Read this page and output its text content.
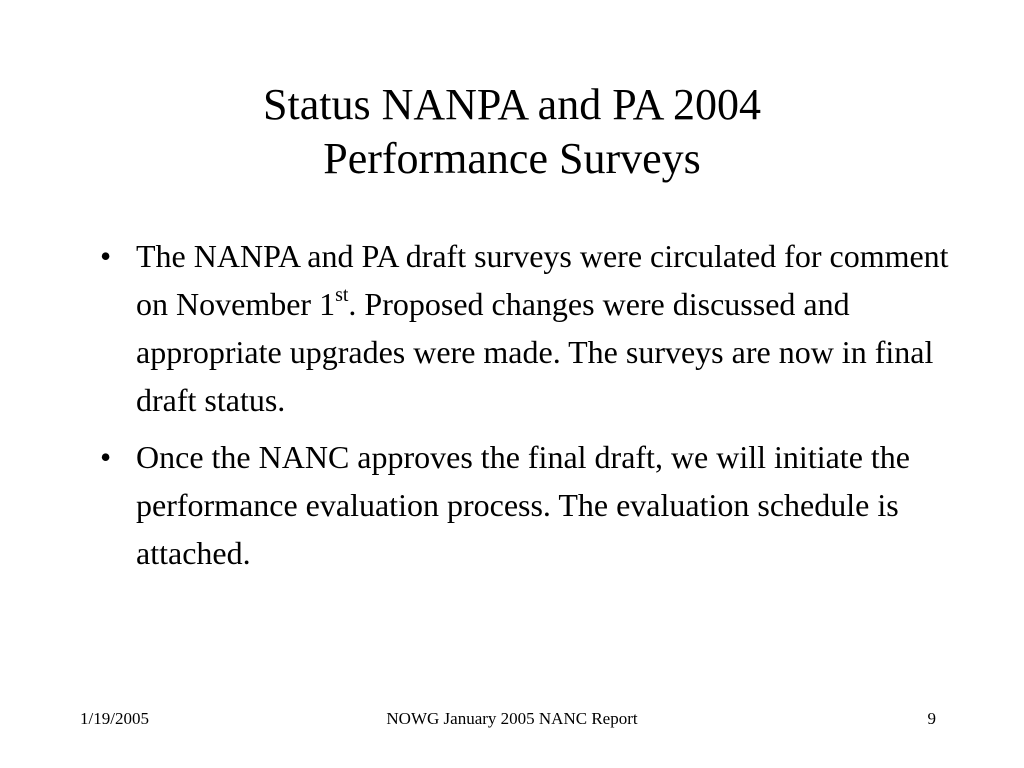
Status NANPA and PA 2004
Performance Surveys
• The NANPA and PA draft surveys were circulated for comment on November 1st. Proposed changes were discussed and appropriate upgrades were made. The surveys are now in final draft status.
• Once the NANC approves the final draft, we will initiate the performance evaluation process. The evaluation schedule is attached.
1/19/2005	NOWG January 2005 NANC Report	9
